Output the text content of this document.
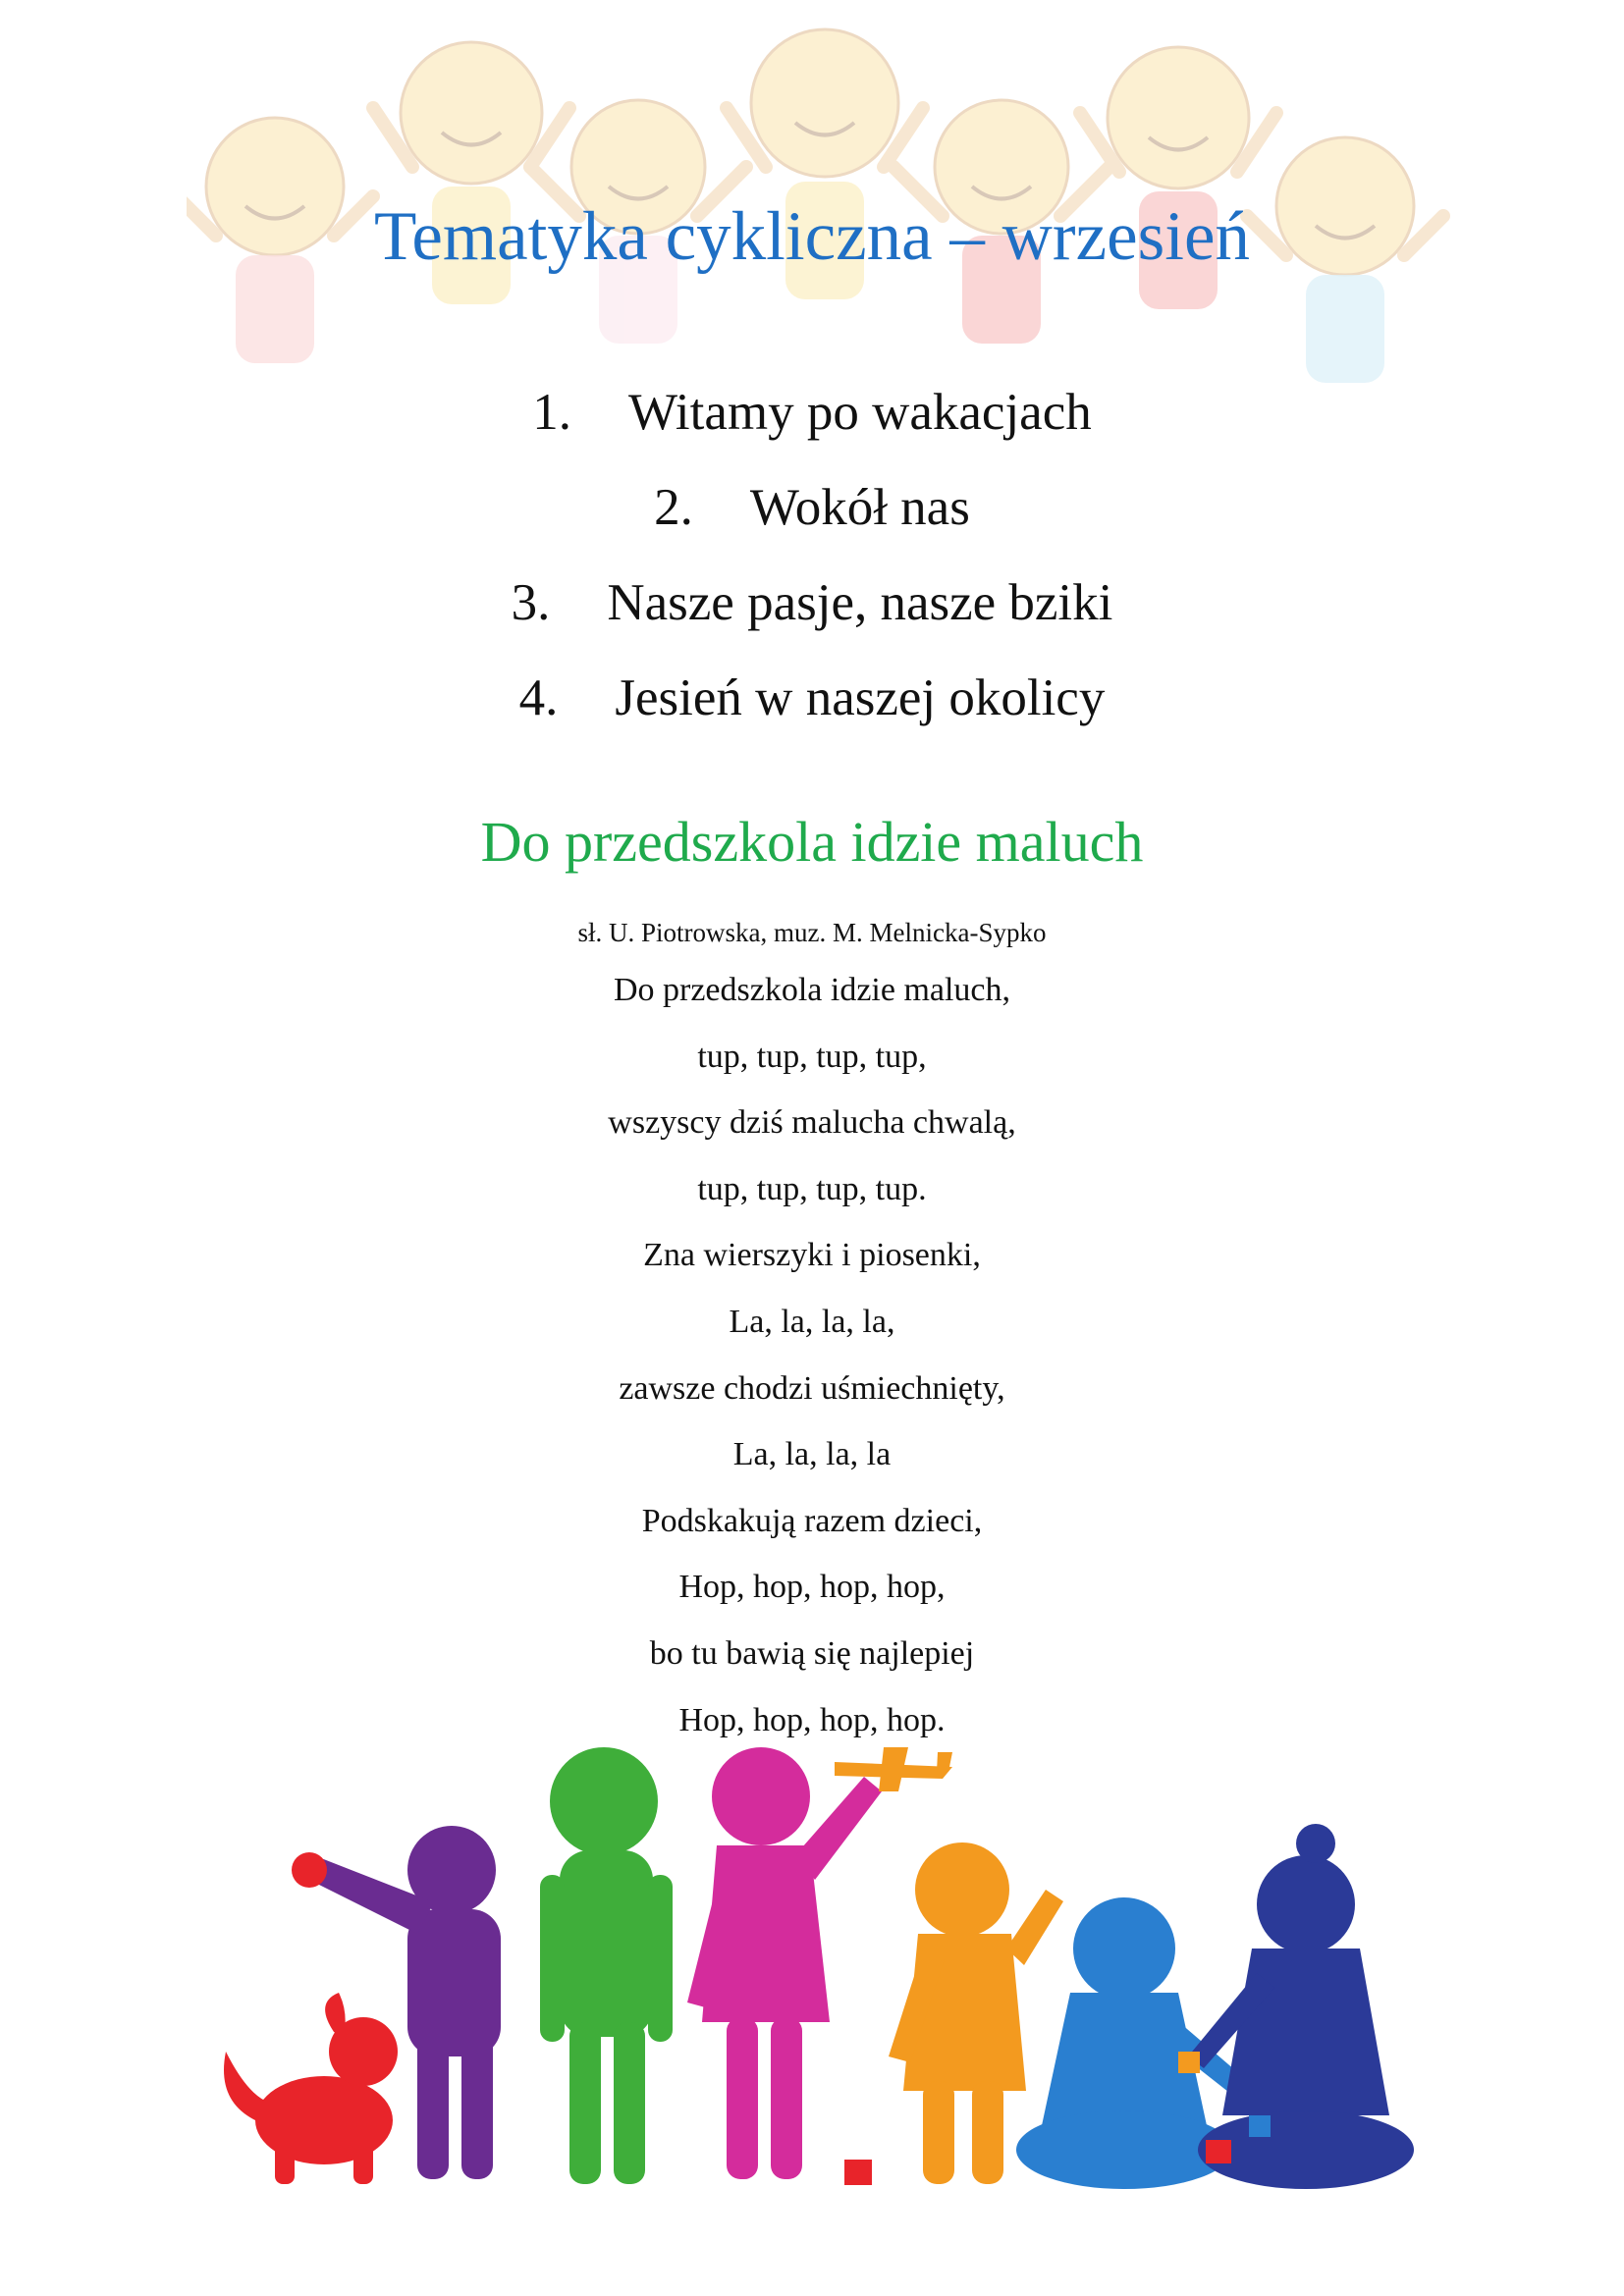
Tematyka cykliczna – wrzesień
1. Witamy po wakacjach
2. Wokół nas
3. Nasze pasje, nasze bziki
4. Jesień w naszej okolicy
Do przedszkola idzie maluch
sł. U. Piotrowska, muz. M. Melnicka-Sypko
Do przedszkola idzie maluch,
tup, tup, tup, tup,
wszyscy dziś malucha chwalą,
tup, tup, tup, tup.
Zna wierszyki i piosenki,
La, la, la, la,
zawsze chodzi uśmiechnięty,
La, la, la, la
Podskakują razem dzieci,
Hop, hop, hop, hop,
bo tu bawią się najlepiej
Hop, hop, hop, hop.
